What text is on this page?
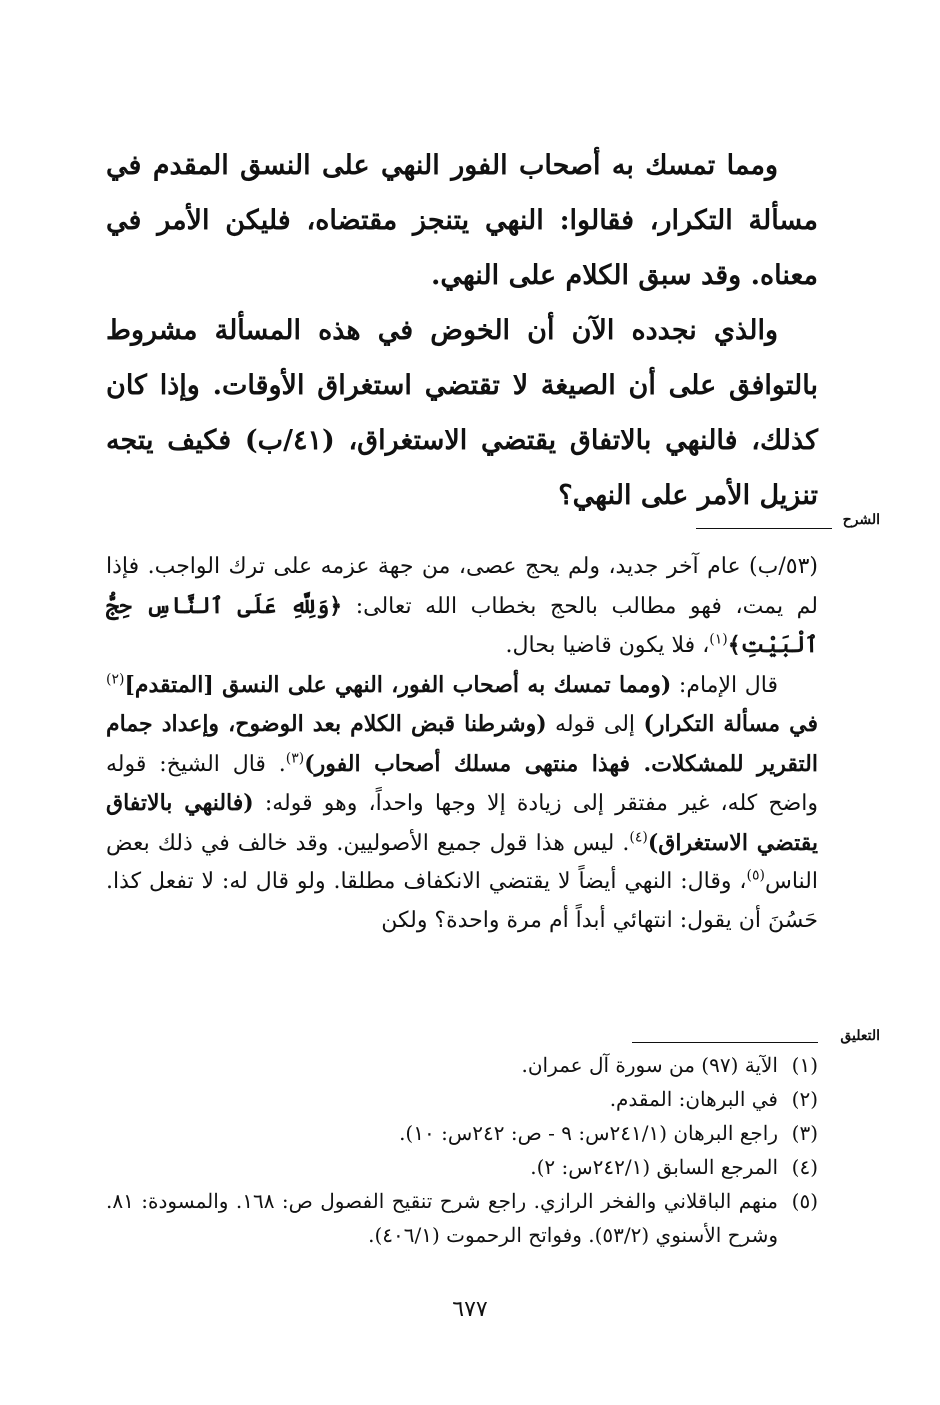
ومما تمسك به أصحاب الفور النهي على النسق المقدم في مسألة التكرار، فقالوا: النهي يتنجز مقتضاه، فليكن الأمر في معناه. وقد سبق الكلام على النهي.

والذي نجدده الآن أن الخوض في هذه المسألة مشروط بالتوافق على أن الصيغة لا تقتضي استغراق الأوقات. وإذا كان كذلك، فالنهي بالاتفاق يقتضي الاستغراق، (٤١/ب) فكيف يتجه تنزيل الأمر على النهي؟

الشرح

(٥٣/ب) عام آخر جديد، ولم يحج عصى، من جهة عزمه على ترك الواجب. فإذا لم يمت، فهو مطالب بالحج بخطاب الله تعالى: ﴿وَلِلَّهِ عَلَى ٱلنَّاسِ حِجُّ ٱلْبَيْتِ﴾$^{(١)}$، فلا يكون قاضيا بحال.

قال الإمام: (ومما تمسك به أصحاب الفور، النهي على النسق [المتقدم]$^{(٢)}$ في مسألة التكرار) إلى قوله (وشرطنا قبض الكلام بعد الوضوح، وإعداد جمام التقرير للمشكلات. فهذا منتهى مسلك أصحاب الفور)$^{(٣)}$. قال الشيخ: قوله واضح كله، غير مفتقر إلى زيادة إلا وجها واحداً، وهو قوله: (فالنهي بالاتفاق يقتضي الاستغراق)$^{(٤)}$. ليس هذا قول جميع الأصوليين. وقد خالف في ذلك بعض الناس$^{(٥)}$، وقال: النهي أيضاً لا يقتضي الانكفاف مطلقا. ولو قال له: لا تفعل كذا. حَسُنَ أن يقول: انتهائي أبداً أم مرة واحدة؟ ولكن

التعليق
(١)
الآية (٩٧) من سورة آل عمران.
(٢)
في البرهان: المقدم.
(٣)
راجع البرهان (٢٤١/١س: ٩ - ص: ٢٤٢س: ١٠).
(٤)
المرجع السابق (٢٤٢/١س: ٢).
(٥)
منهم الباقلاني والفخر الرازي. راجع شرح تنقيح الفصول ص: ١٦٨. والمسودة: ٨١. وشرح الأسنوي (٥٣/٢). وفواتح الرحموت (٤٠٦/١).
٦٧٧
